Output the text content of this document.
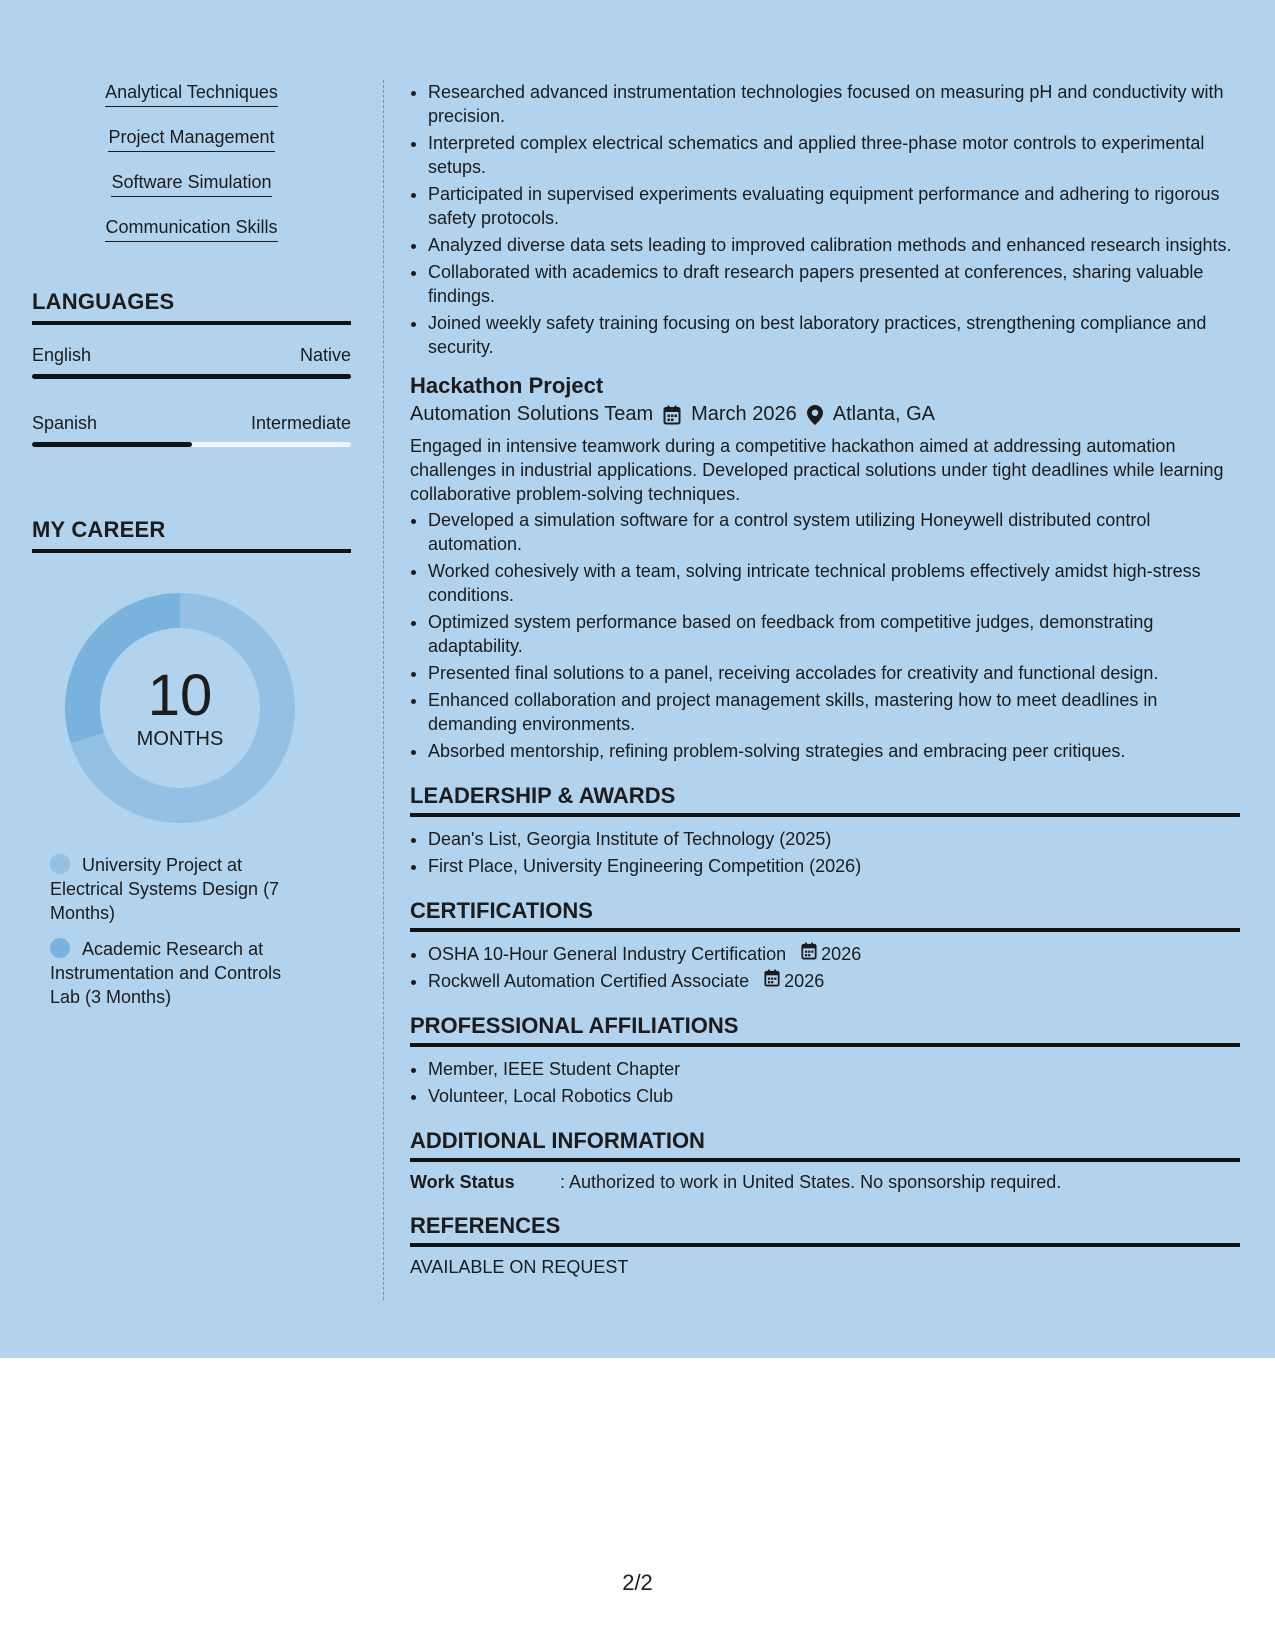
Analytical Techniques
Project Management
Software Simulation
Communication Skills
LANGUAGES
English	Native
Spanish	Intermediate
MY CAREER
10
MONTHS
University Project at Electrical Systems Design (7 Months)
Academic Research at Instrumentation and Controls Lab (3 Months)
• Researched advanced instrumentation technologies focused on measuring pH and conductivity with precision.
• Interpreted complex electrical schematics and applied three-phase motor controls to experimental setups.
• Participated in supervised experiments evaluating equipment performance and adhering to rigorous safety protocols.
• Analyzed diverse data sets leading to improved calibration methods and enhanced research insights.
• Collaborated with academics to draft research papers presented at conferences, sharing valuable findings.
• Joined weekly safety training focusing on best laboratory practices, strengthening compliance and security.
Hackathon Project
Automation Solutions Team March 2026 Atlanta, GA

Engaged in intensive teamwork during a competitive hackathon aimed at addressing automation challenges in industrial applications. Developed practical solutions under tight deadlines while learning collaborative problem-solving techniques.

• Developed a simulation software for a control system utilizing Honeywell distributed control automation.
• Worked cohesively with a team, solving intricate technical problems effectively amidst high-stress conditions.
• Optimized system performance based on feedback from competitive judges, demonstrating adaptability.
• Presented final solutions to a panel, receiving accolades for creativity and functional design.
• Enhanced collaboration and project management skills, mastering how to meet deadlines in demanding environments.
• Absorbed mentorship, refining problem-solving strategies and embracing peer critiques.
LEADERSHIP & AWARDS
• Dean's List, Georgia Institute of Technology (2025)
• First Place, University Engineering Competition (2026)
CERTIFICATIONS
• OSHA 10-Hour General Industry Certification 2026
• Rockwell Automation Certified Associate 2026
PROFESSIONAL AFFILIATIONS
• Member, IEEE Student Chapter
• Volunteer, Local Robotics Club
ADDITIONAL INFORMATION
Work Status	: Authorized to work in United States. No sponsorship required.
REFERENCES
AVAILABLE ON REQUEST
2/2
